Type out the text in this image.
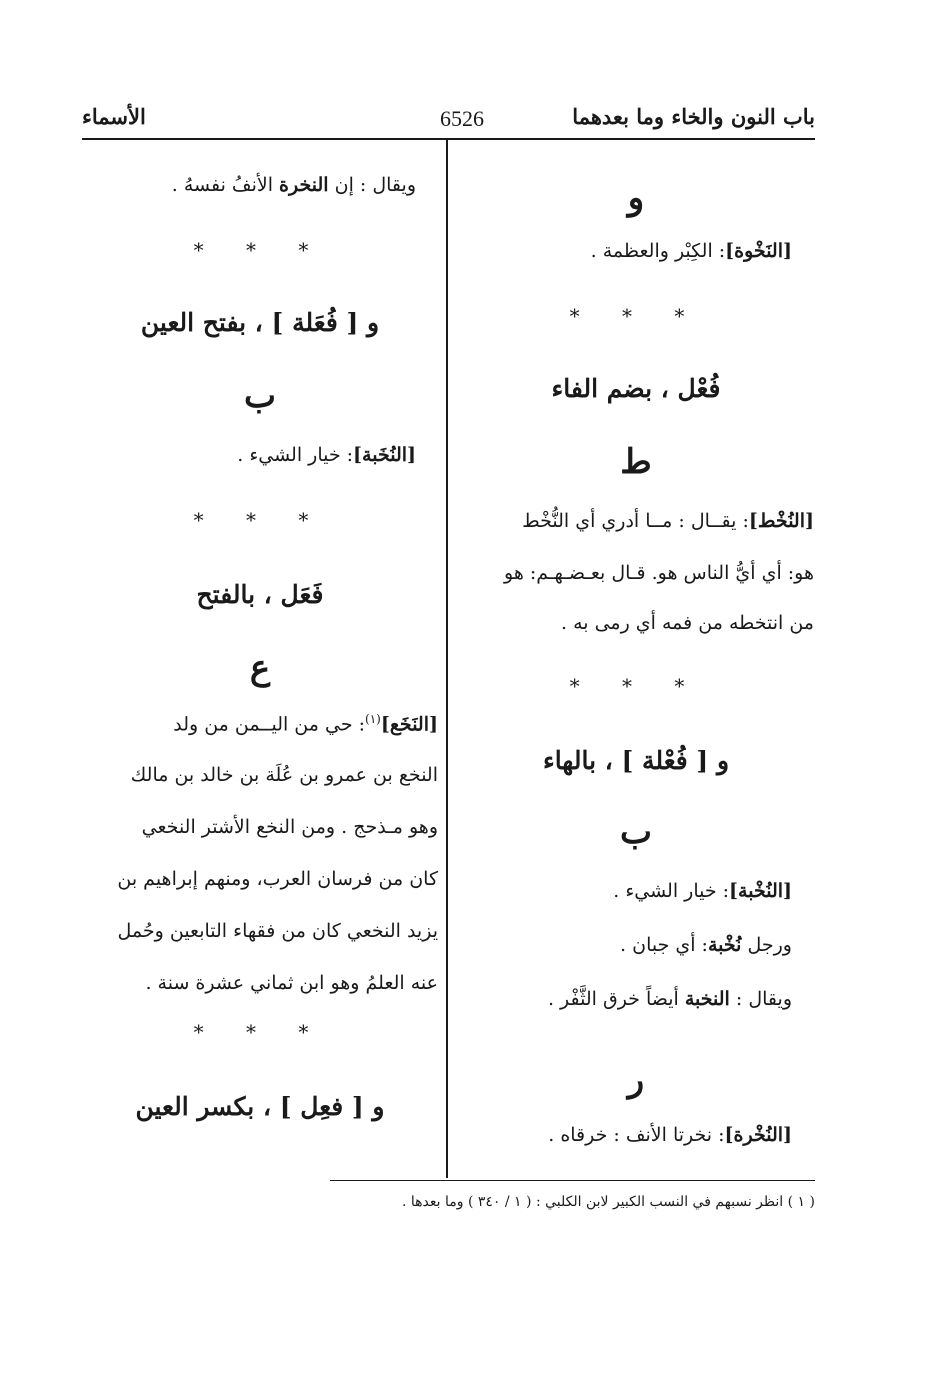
باب النون والخاء وما بعدهما
6526
الأسماء
و
[النَخْوة]: الكِبْر والعظمة .
* * *
فُعْل ، بضم الفاء
ط
[النُخْط]: يقــال : مــا أدري أي النُّخْط
هو: أي أيُّ الناس هو. قـال بعـضـهـم: هو
من انتخطه من فمه أي رمى به .
* * *
و [ فُعْلة ] ، بالهاء
ب
[النُخْبة]: خيار الشيء .
ورجل نُخْبة: أي جبان .
ويقال : النخبة أيضاً خرق الثَّفْر .
ر
[النُخْرة]: نخرتا الأنف : خرقاه .
ويقال : إن النخرة الأنفُ نفسهُ .
* * *
و [ فُعَلة ] ، بفتح العين
ب
[النُخَبة]: خيار الشيء .
* * *
فَعَل ، بالفتح
ع
[النَخَع]$^{(١)}$: حي من اليــمن من ولد
النخع بن عمرو بن عُلَة بن خالد بن مالك
وهو مـذحج . ومن النخع الأشتر النخعي
كان من فرسان العرب، ومنهم إبراهيم بن
يزيد النخعي كان من فقهاء التابعين وحُمل
عنه العلمُ وهو ابن ثماني عشرة سنة .
* * *
و [ فعِل ] ، بكسر العين
( ١ ) انظر نسبهم في النسب الكبير لابن الكلبي : ( ١ / ٣٤٠ ) وما بعدها .
